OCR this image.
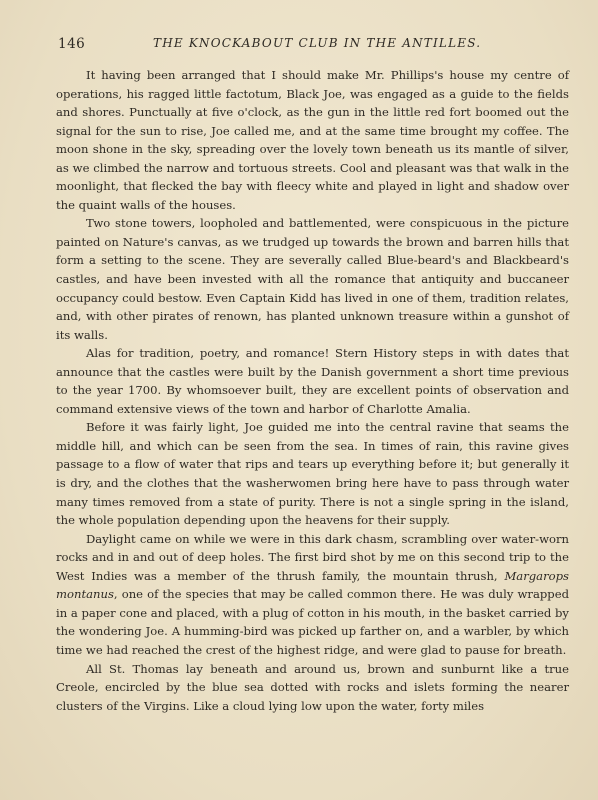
146	THE KNOCKABOUT CLUB IN THE ANTILLES.

It having been arranged that I should make Mr. Phillips's house my centre of operations, his ragged little factotum, Black Joe, was engaged as a guide to the fields and shores. Punctually at five o'clock, as the gun in the little red fort boomed out the signal for the sun to rise, Joe called me, and at the same time brought my coffee. The moon shone in the sky, spreading over the lovely town beneath us its mantle of silver, as we climbed the narrow and tortuous streets. Cool and pleasant was that walk in the moonlight, that flecked the bay with fleecy white and played in light and shadow over the quaint walls of the houses.

Two stone towers, loopholed and battlemented, were conspicuous in the picture painted on Nature's canvas, as we trudged up towards the brown and barren hills that form a setting to the scene. They are severally called Blue-beard's and Blackbeard's castles, and have been invested with all the romance that antiquity and buccaneer occupancy could bestow. Even Captain Kidd has lived in one of them, tradition relates, and, with other pirates of renown, has planted unknown treasure within a gunshot of its walls.

Alas for tradition, poetry, and romance! Stern History steps in with dates that announce that the castles were built by the Danish government a short time previous to the year 1700. By whomsoever built, they are excellent points of observation and command extensive views of the town and harbor of Charlotte Amalia.

Before it was fairly light, Joe guided me into the central ravine that seams the middle hill, and which can be seen from the sea. In times of rain, this ravine gives passage to a flow of water that rips and tears up everything before it; but generally it is dry, and the clothes that the washerwomen bring here have to pass through water many times removed from a state of purity. There is not a single spring in the island, the whole population depending upon the heavens for their supply.

Daylight came on while we were in this dark chasm, scrambling over water-worn rocks and in and out of deep holes. The first bird shot by me on this second trip to the West Indies was a member of the thrush family, the mountain thrush, Margarops montanus, one of the species that may be called common there. He was duly wrapped in a paper cone and placed, with a plug of cotton in his mouth, in the basket carried by the wondering Joe. A humming-bird was picked up farther on, and a warbler, by which time we had reached the crest of the highest ridge, and were glad to pause for breath.

All St. Thomas lay beneath and around us, brown and sunburnt like a true Creole, encircled by the blue sea dotted with rocks and islets forming the nearer clusters of the Virgins. Like a cloud lying low upon the water, forty miles
